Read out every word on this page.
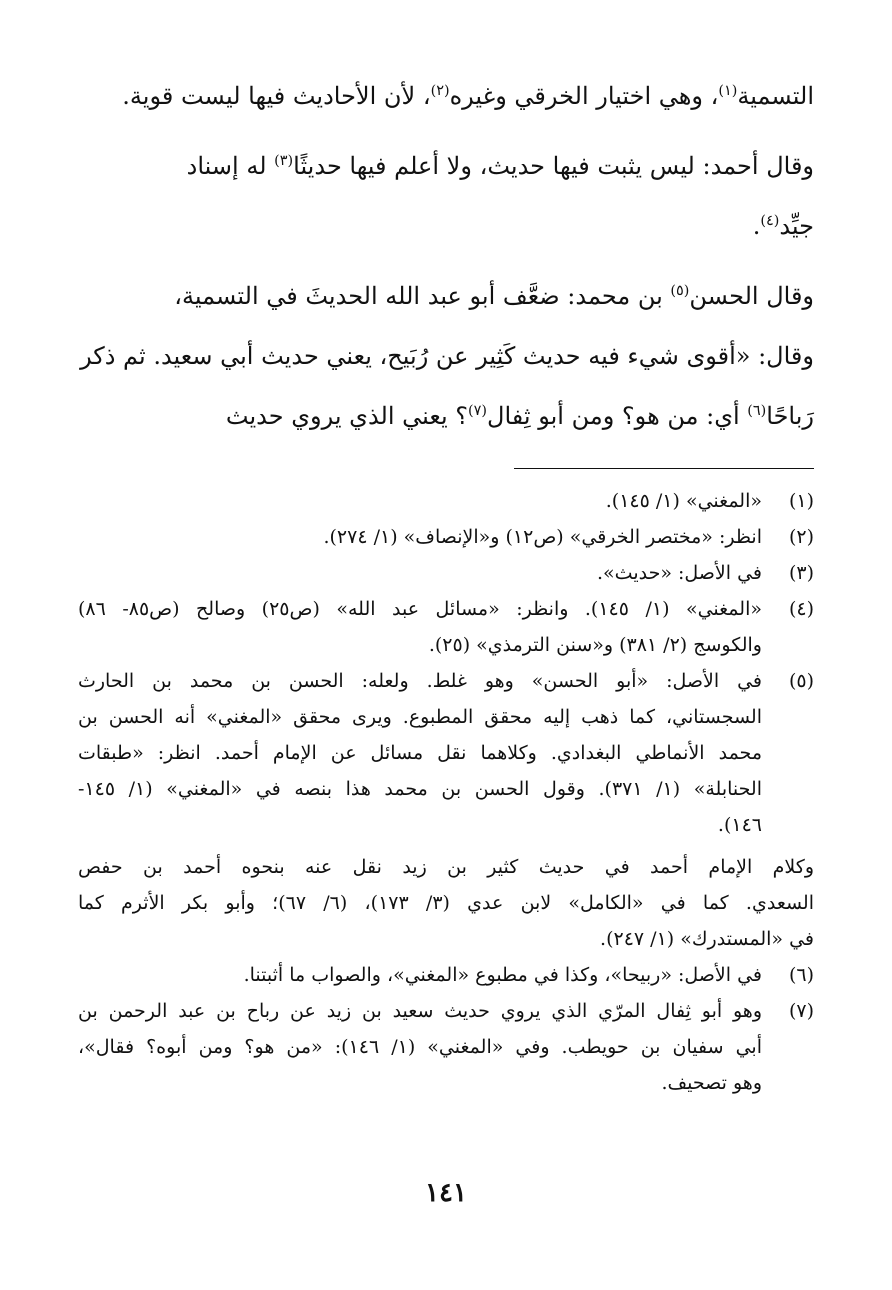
التسمية$^{(١)}$، وهي اختيار الخرقي وغيره$^{(٢)}$، لأن الأحاديث فيها ليست قوية.

وقال أحمد: ليس يثبت فيها حديث، ولا أعلم فيها حديثًا$^{(٣)}$ له إسناد
جيِّد$^{(٤)}$.

وقال الحسن$^{(٥)}$ بن محمد: ضعَّف أبو عبد الله الحديثَ في التسمية،
وقال: «أقوى شيء فيه حديث كَثِير عن رُبَيح، يعني حديث أبي سعيد. ثم ذكر
رَباحًا$^{(٦)}$ أي: من هو؟ ومن أبو ثِفال$^{(٧)}$؟ يعني الذي يروي حديث

(١)
«المغني» (١/ ١٤٥).
(٢)
انظر: «مختصر الخرقي» (ص١٢) و«الإنصاف» (١/ ٢٧٤).
(٣)
في الأصل: «حديث».
(٤)
«المغني» (١/ ١٤٥). وانظر: «مسائل عبد الله» (ص٢٥) وصالح (ص٨٥- ٨٦)
والكوسج (٢/ ٣٨١) و«سنن الترمذي» (٢٥).
(٥)
في الأصل: «أبو الحسن» وهو غلط. ولعله: الحسن بن محمد بن الحارث
السجستاني، كما ذهب إليه محقق المطبوع. ويرى محقق «المغني» أنه الحسن بن
محمد الأنماطي البغدادي. وكلاهما نقل مسائل عن الإمام أحمد. انظر: «طبقات
الحنابلة» (١/ ٣٧١). وقول الحسن بن محمد هذا بنصه في «المغني» (١/ ١٤٥-
١٤٦).
وكلام الإمام أحمد في حديث كثير بن زيد نقل عنه بنحوه أحمد بن حفص
السعدي. كما في «الكامل» لابن عدي (٣/ ١٧٣)، (٦/ ٦٧)؛ وأبو بكر الأثرم كما
في «المستدرك» (١/ ٢٤٧).
(٦)
في الأصل: «ربيحا»، وكذا في مطبوع «المغني»، والصواب ما أثبتنا.
(٧)
وهو أبو ثِفال المرّي الذي يروي حديث سعيد بن زيد عن رباح بن عبد الرحمن بن
أبي سفيان بن حويطب. وفي «المغني» (١/ ١٤٦): «من هو؟ ومن أبوه؟ فقال»،
وهو تصحيف.
١٤١
